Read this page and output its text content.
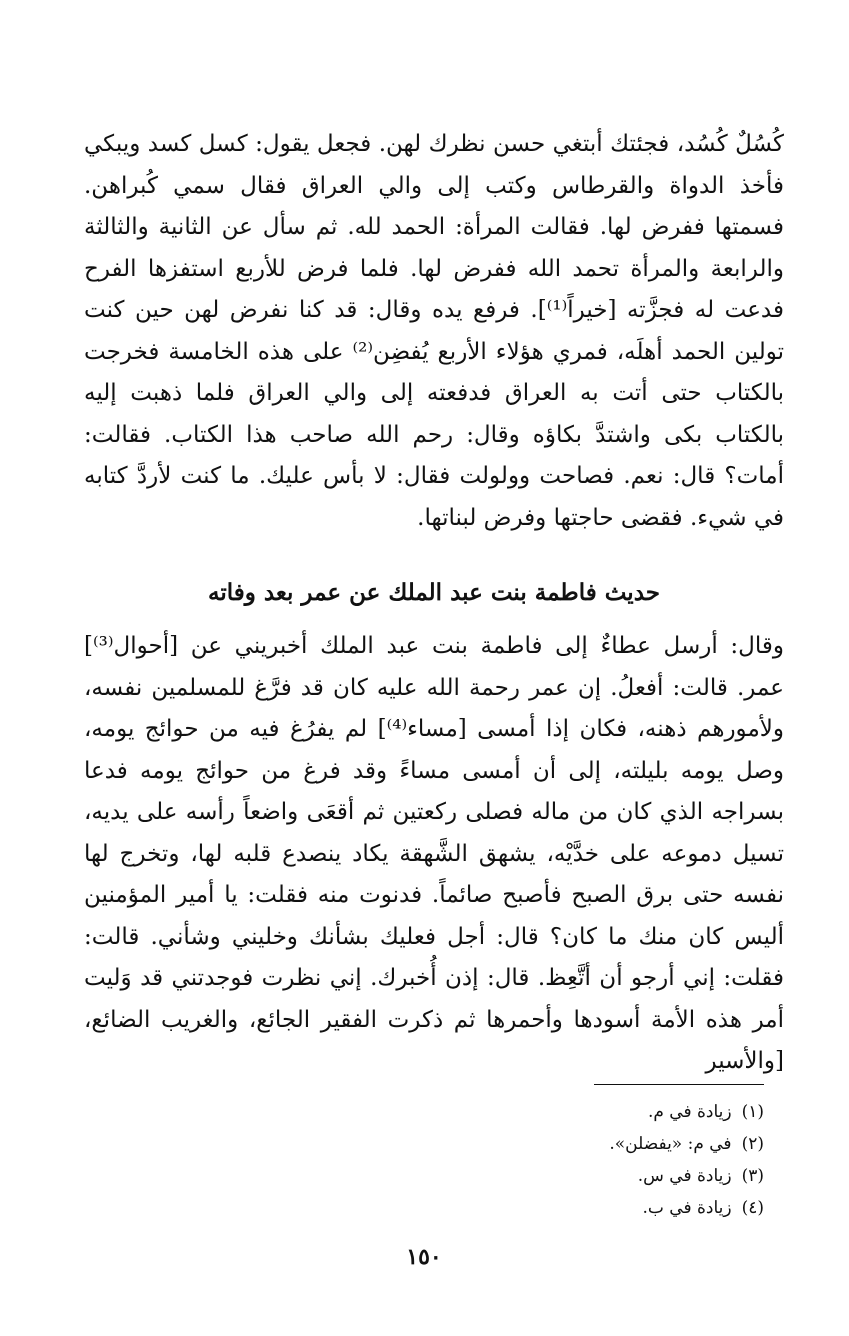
كُسُلٌ كُسُد، فجئتك أبتغي حسن نظرك لهن. فجعل يقول: كسل كسد ويبكي فأخذ الدواة والقرطاس وكتب إلى والي العراق فقال سمي كُبراهن. فسمتها ففرض لها. فقالت المرأة: الحمد لله. ثم سأل عن الثانية والثالثة والرابعة والمرأة تحمد الله ففرض لها. فلما فرض للأربع استفزها الفرح فدعت له فجزَّته [خيراً⁽¹⁾]. فرفع يده وقال: قد كنا نفرض لهن حين كنت تولين الحمد أهلَه، فمري هؤلاء الأربع يُفضِن⁽²⁾ على هذه الخامسة فخرجت بالكتاب حتى أتت به العراق فدفعته إلى والي العراق فلما ذهبت إليه بالكتاب بكى واشتدَّ بكاؤه وقال: رحم الله صاحب هذا الكتاب. فقالت: أمات؟ قال: نعم. فصاحت وولولت فقال: لا بأس عليك. ما كنت لأردَّ كتابه في شيء. فقضى حاجتها وفرض لبناتها.

حديث فاطمة بنت عبد الملك عن عمر بعد وفاته

وقال: أرسل عطاءٌ إلى فاطمة بنت عبد الملك أخبريني عن [أحوال⁽³⁾] عمر. قالت: أفعلُ. إن عمر رحمة الله عليه كان قد فرَّغ للمسلمين نفسه، ولأمورهم ذهنه، فكان إذا أمسى [مساء⁽⁴⁾] لم يفرُغ فيه من حوائج يومه، وصل يومه بليلته، إلى أن أمسى مساءً وقد فرغ من حوائج يومه فدعا بسراجه الذي كان من ماله فصلى ركعتين ثم أقعَى واضعاً رأسه على يديه، تسيل دموعه على خدَّيْه، يشهق الشَّهقة يكاد ينصدع قلبه لها، وتخرج لها نفسه حتى برق الصبح فأصبح صائماً. فدنوت منه فقلت: يا أمير المؤمنين أليس كان منك ما كان؟ قال: أجل فعليك بشأنك وخليني وشأني. قالت: فقلت: إني أرجو أن أتَّعِظ. قال: إذن أُخبرك. إني نظرت فوجدتني قد وَليت أمر هذه الأمة أسودها وأحمرها ثم ذكرت الفقير الجائع، والغريب الضائع، [والأسير

(١)زيادة في م.
(٢)في م: «يفضلن».
(٣)زيادة في س.
(٤)زيادة في ب.
١٥٠
